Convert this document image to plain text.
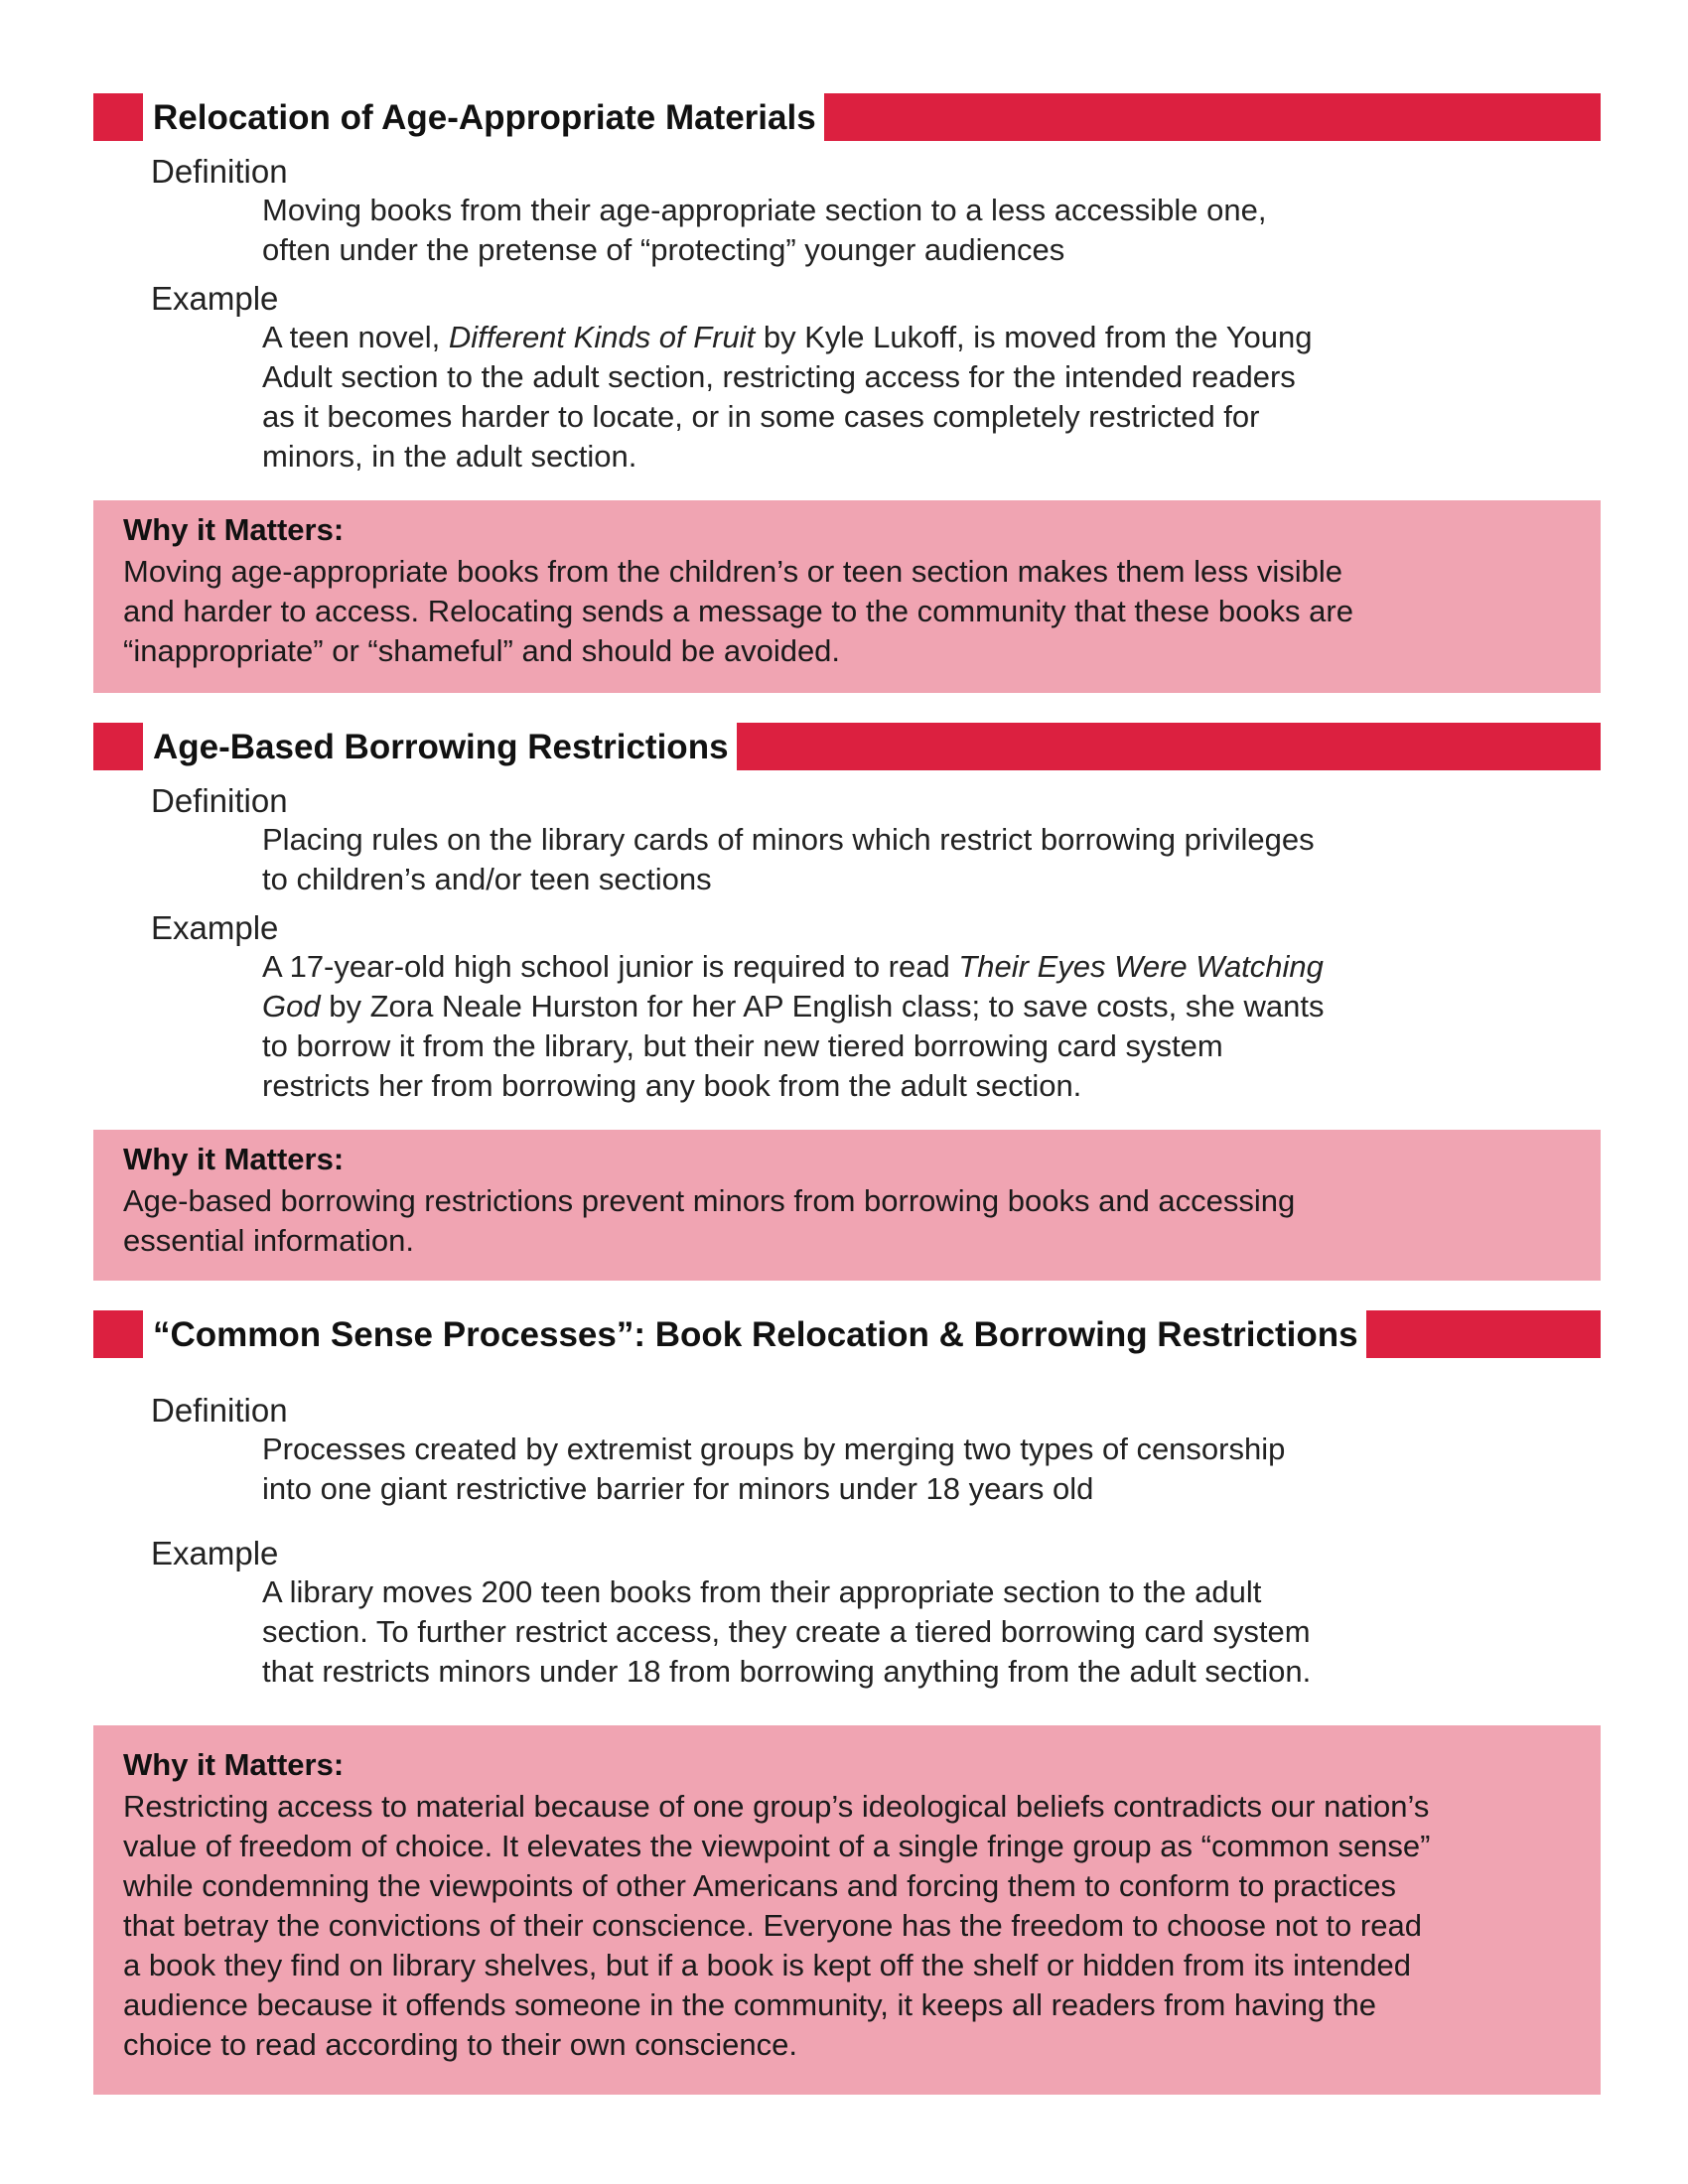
Relocation of Age-Appropriate Materials
Definition
Moving books from their age-appropriate section to a less accessible one,
often under the pretense of “protecting” younger audiences
Example
A teen novel, Different Kinds of Fruit by Kyle Lukoff, is moved from the Young
Adult section to the adult section, restricting access for the intended readers
as it becomes harder to locate, or in some cases completely restricted for
minors, in the adult section.
Why it Matters:
Moving age-appropriate books from the children’s or teen section makes them less visible
and harder to access. Relocating sends a message to the community that these books are
“inappropriate” or “shameful” and should be avoided.
Age-Based Borrowing Restrictions
Definition
Placing rules on the library cards of minors which restrict borrowing privileges
to children’s and/or teen sections
Example
A 17-year-old high school junior is required to read Their Eyes Were Watching
God by Zora Neale Hurston for her AP English class; to save costs, she wants
to borrow it from the library, but their new tiered borrowing card system
restricts her from borrowing any book from the adult section.
Why it Matters:
Age-based borrowing restrictions prevent minors from borrowing books and accessing
essential information.
“Common Sense Processes”: Book Relocation & Borrowing Restrictions
Definition
Processes created by extremist groups by merging two types of censorship
into one giant restrictive barrier for minors under 18 years old
Example
A library moves 200 teen books from their appropriate section to the adult
section. To further restrict access, they create a tiered borrowing card system
that restricts minors under 18 from borrowing anything from the adult section.
Why it Matters:
Restricting access to material because of one group’s ideological beliefs contradicts our nation’s
value of freedom of choice. It elevates the viewpoint of a single fringe group as “common sense”
while condemning the viewpoints of other Americans and forcing them to conform to practices
that betray the convictions of their conscience. Everyone has the freedom to choose not to read
a book they find on library shelves, but if a book is kept off the shelf or hidden from its intended
audience because it offends someone in the community, it keeps all readers from having the
choice to read according to their own conscience.
